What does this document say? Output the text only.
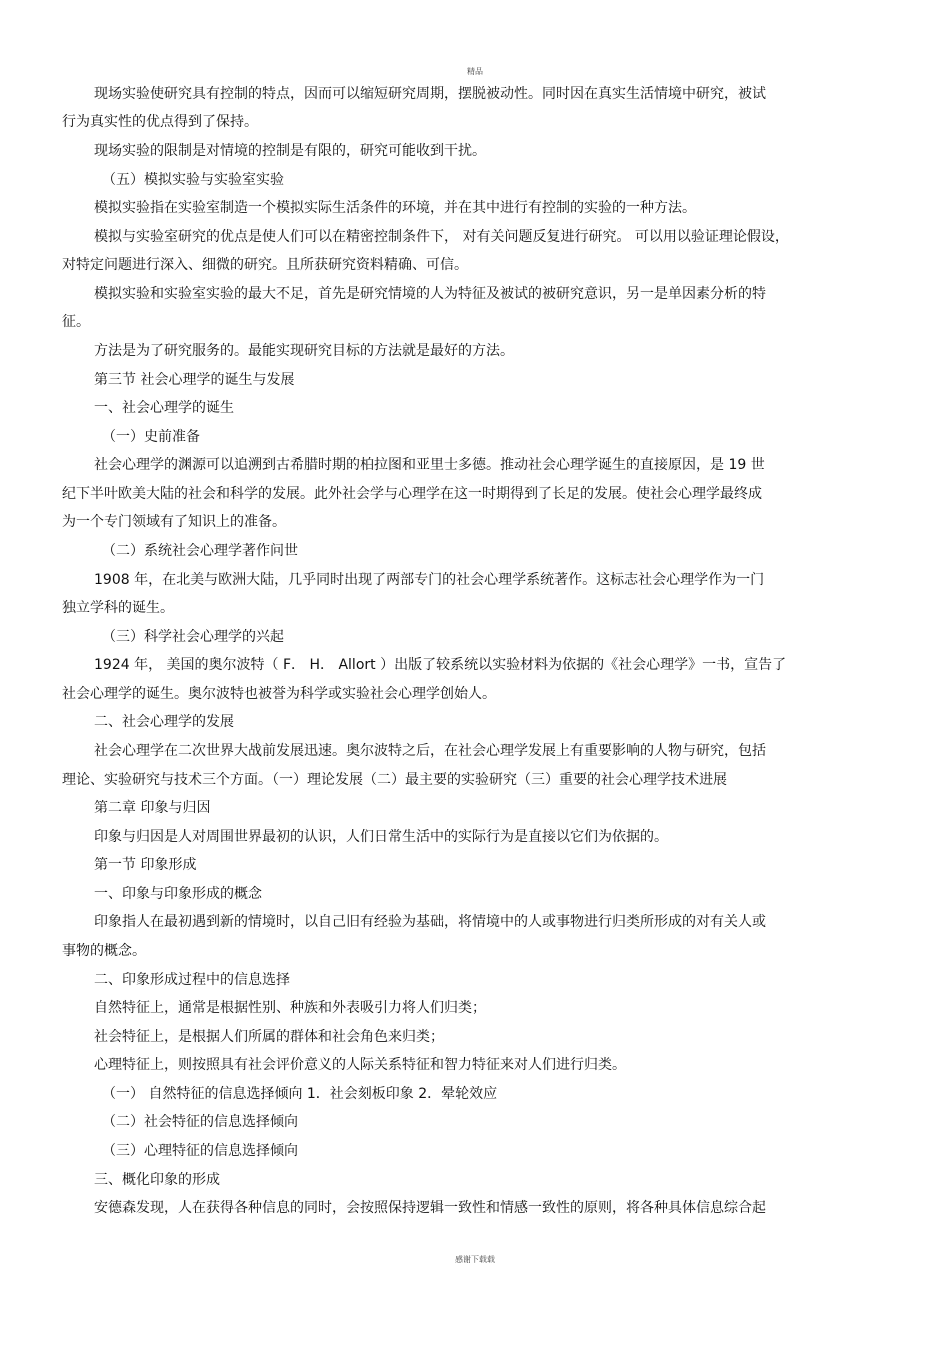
精品
现场实验使研究具有控制的特点，因而可以缩短研究周期，摆脱被动性。同时因在真实生活情境中研究，被试
行为真实性的优点得到了保持。
现场实验的限制是对情境的控制是有限的，研究可能收到干扰。
（五）模拟实验与实验室实验
模拟实验指在实验室制造一个模拟实际生活条件的环境，并在其中进行有控制的实验的一种方法。
模拟与实验室研究的优点是使人们可以在精密控制条件下， 对有关问题反复进行研究。 可以用以验证理论假设，
对特定问题进行深入、细微的研究。且所获研究资料精确、可信。
模拟实验和实验室实验的最大不足，首先是研究情境的人为特征及被试的被研究意识，另一是单因素分析的特
征。
方法是为了研究服务的。最能实现研究目标的方法就是最好的方法。
第三节 社会心理学的诞生与发展
一、社会心理学的诞生
（一）史前准备
社会心理学的渊源可以追溯到古希腊时期的柏拉图和亚里士多德。推动社会心理学诞生的直接原因，是 19 世
纪下半叶欧美大陆的社会和科学的发展。此外社会学与心理学在这一时期得到了长足的发展。使社会心理学最终成
为一个专门领域有了知识上的准备。
（二）系统社会心理学著作问世
1908 年，在北美与欧洲大陆，几乎同时出现了两部专门的社会心理学系统著作。这标志社会心理学作为一门
独立学科的诞生。
（三）科学社会心理学的兴起
1924 年， 美国的奥尔波特（ F． H． Allort ）出版了较系统以实验材料为依据的《社会心理学》一书，宣告了
社会心理学的诞生。奥尔波特也被誉为科学或实验社会心理学创始人。
二、社会心理学的发展
社会心理学在二次世界大战前发展迅速。奥尔波特之后，在社会心理学发展上有重要影响的人物与研究，包括
理论、实验研究与技术三个方面。（一）理论发展（二）最主要的实验研究（三）重要的社会心理学技术进展
第二章 印象与归因
印象与归因是人对周围世界最初的认识，人们日常生活中的实际行为是直接以它们为依据的。
第一节 印象形成
一、印象与印象形成的概念
印象指人在最初遇到新的情境时，以自己旧有经验为基础，将情境中的人或事物进行归类所形成的对有关人或
事物的概念。
二、印象形成过程中的信息选择
自然特征上，通常是根据性别、种族和外表吸引力将人们归类；
社会特征上，是根据人们所属的群体和社会角色来归类；
心理特征上，则按照具有社会评价意义的人际关系特征和智力特征来对人们进行归类。
（一） 自然特征的信息选择倾向 1．社会刻板印象 2．晕轮效应
（二）社会特征的信息选择倾向
（三）心理特征的信息选择倾向
三、概化印象的形成
安德森发现，人在获得各种信息的同时，会按照保持逻辑一致性和情感一致性的原则，将各种具体信息综合起
感谢下载载
